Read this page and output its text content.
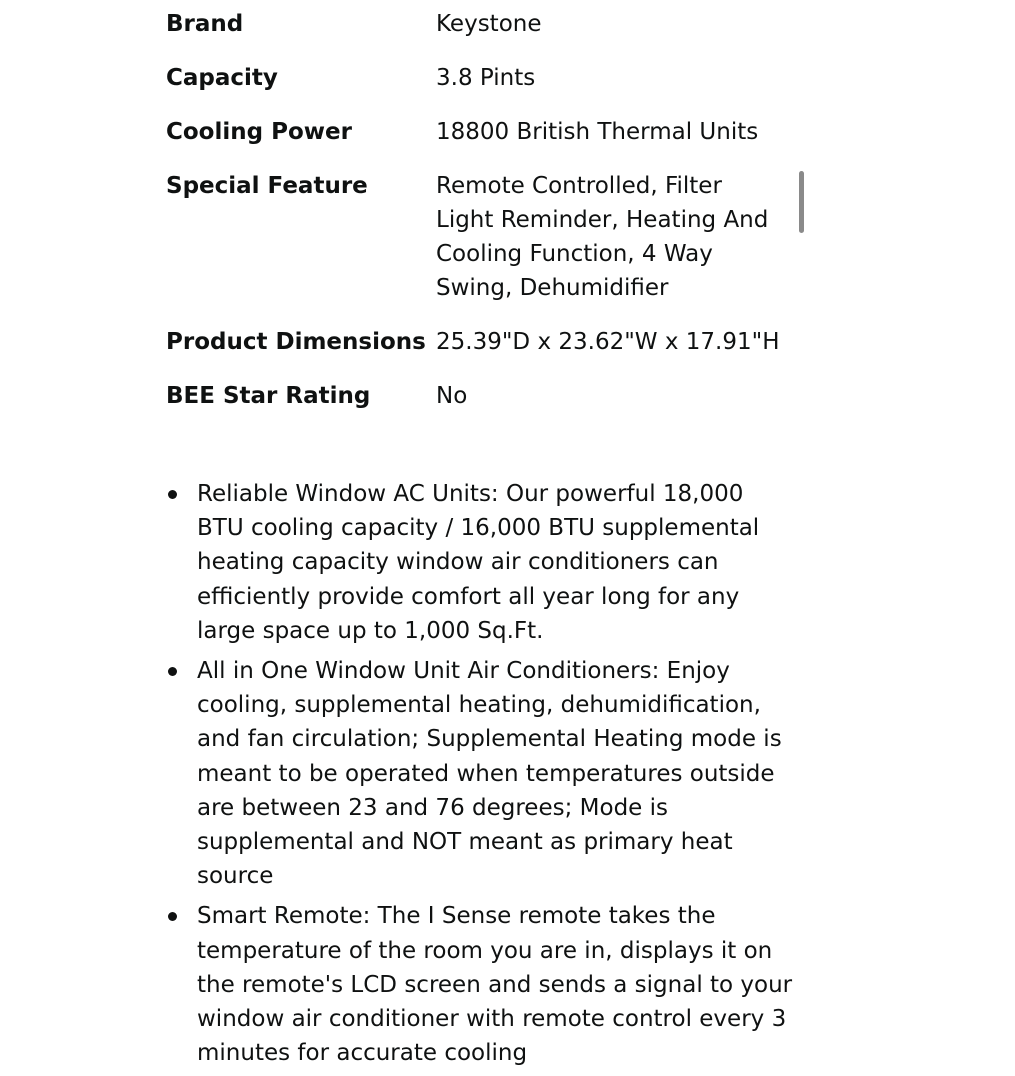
Brand	Keystone
Capacity	3.8 Pints
Cooling Power	18800 British Thermal Units
Special Feature	Remote Controlled, Filter Light Reminder, Heating And Cooling Function, 4 Way Swing, Dehumidifier
Product Dimensions 25.39"D x 23.62"W x 17.91"H
BEE Star Rating	No
Reliable Window AC Units: Our powerful 18,000 BTU cooling capacity / 16,000 BTU supplemental heating capacity window air conditioners can efficiently provide comfort all year long for any large space up to 1,000 Sq.Ft.
All in One Window Unit Air Conditioners: Enjoy cooling, supplemental heating, dehumidification, and fan circulation; Supplemental Heating mode is meant to be operated when temperatures outside are between 23 and 76 degrees; Mode is supplemental and NOT meant as primary heat source
Smart Remote: The I Sense remote takes the temperature of the room you are in, displays it on the remote's LCD screen and sends a signal to your window air conditioner with remote control every 3 minutes for accurate cooling
